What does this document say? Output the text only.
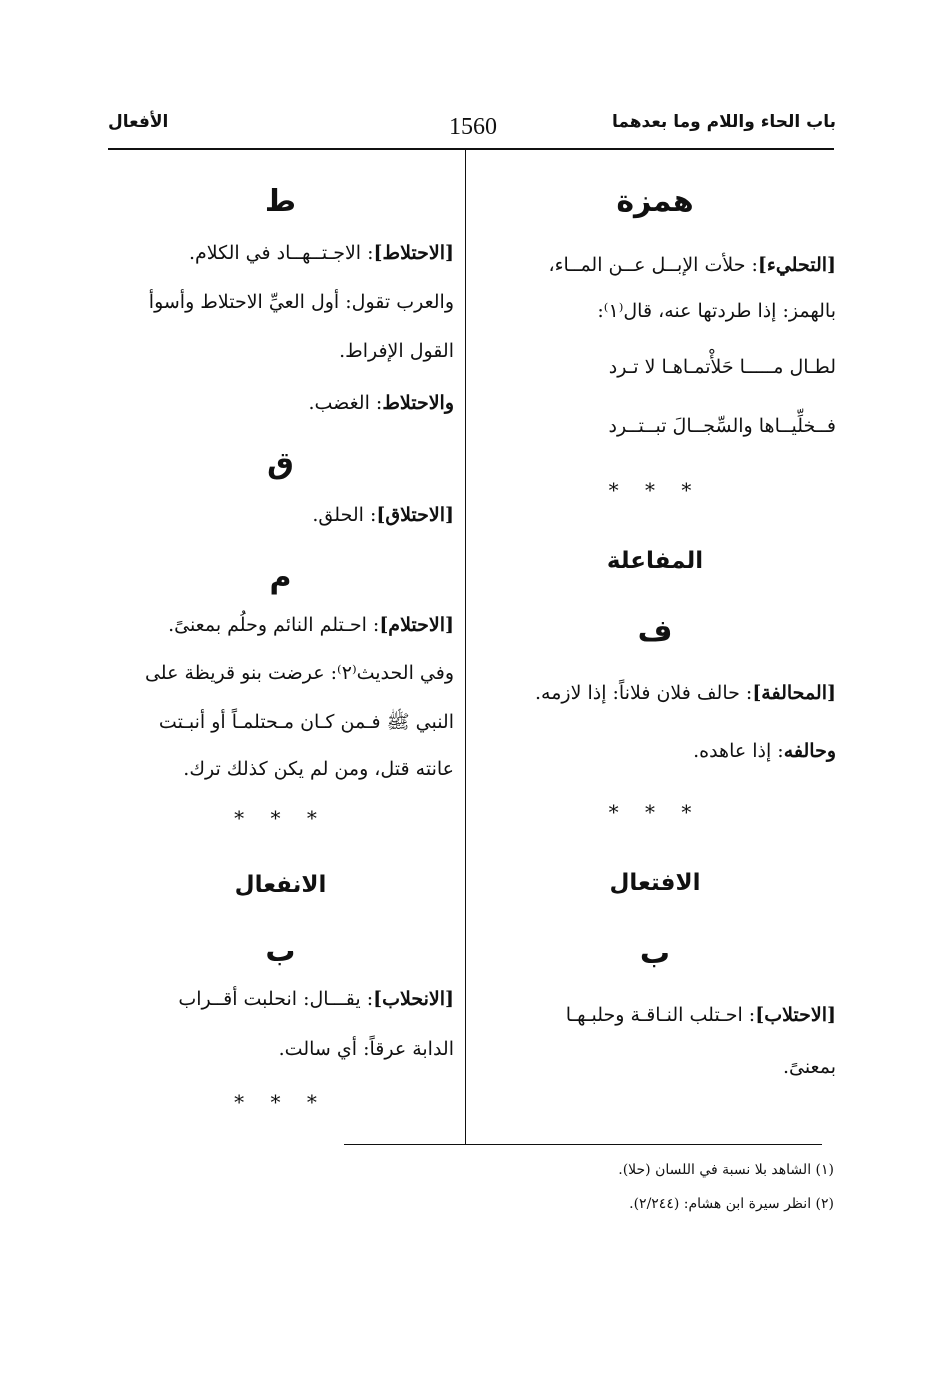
باب الحاء واللام وما بعدهما
1560
الأفعال
همزة
[التحليء]: حلأت الإبــل عــن المــاء،
بالهمز: إذا طردتها عنه، قال⁽١⁾:
لطـال مـــــا حَلأْتمـاهـا لا تـرد
فــخلِّيــاها والسِّجــالَ تبــتــرد
* * *
المفاعلة
ف
[المحالفة]: حالف فلان فلاناً: إذا لازمه.
وحالفه: إذا عاهده.
* * *
الافتعال
ب
[الاحتلاب]: احـتلب النـاقـة وحلبـهـا
بمعنىً.
ط
[الاحتلاط]: الاجـتــهــاد في الكلام.
والعرب تقول: أول العيِّ الاحتلاط وأسوأ
القول الإفراط.
والاحتلاط: الغضب.
ق
[الاحتلاق]: الحلق.
م
[الاحتلام]: احـتلم النائم وحلُم بمعنىً.
وفي الحديث⁽٢⁾: عرضت بنو قريظة على
النبي ﷺ فـمن كـان مـحتلمـاً أو أنبـتت
عانته قتل، ومن لم يكن كذلك ترك.
* * *
الانفعال
ب
[الانحلاب]: يقـــال: انحلبت أقــراب
الدابة عرقاً: أي سالت.
* * *
(١) الشاهد بلا نسبة في اللسان (حلا).
(٢) انظر سيرة ابن هشام: (٢/٢٤٤).
